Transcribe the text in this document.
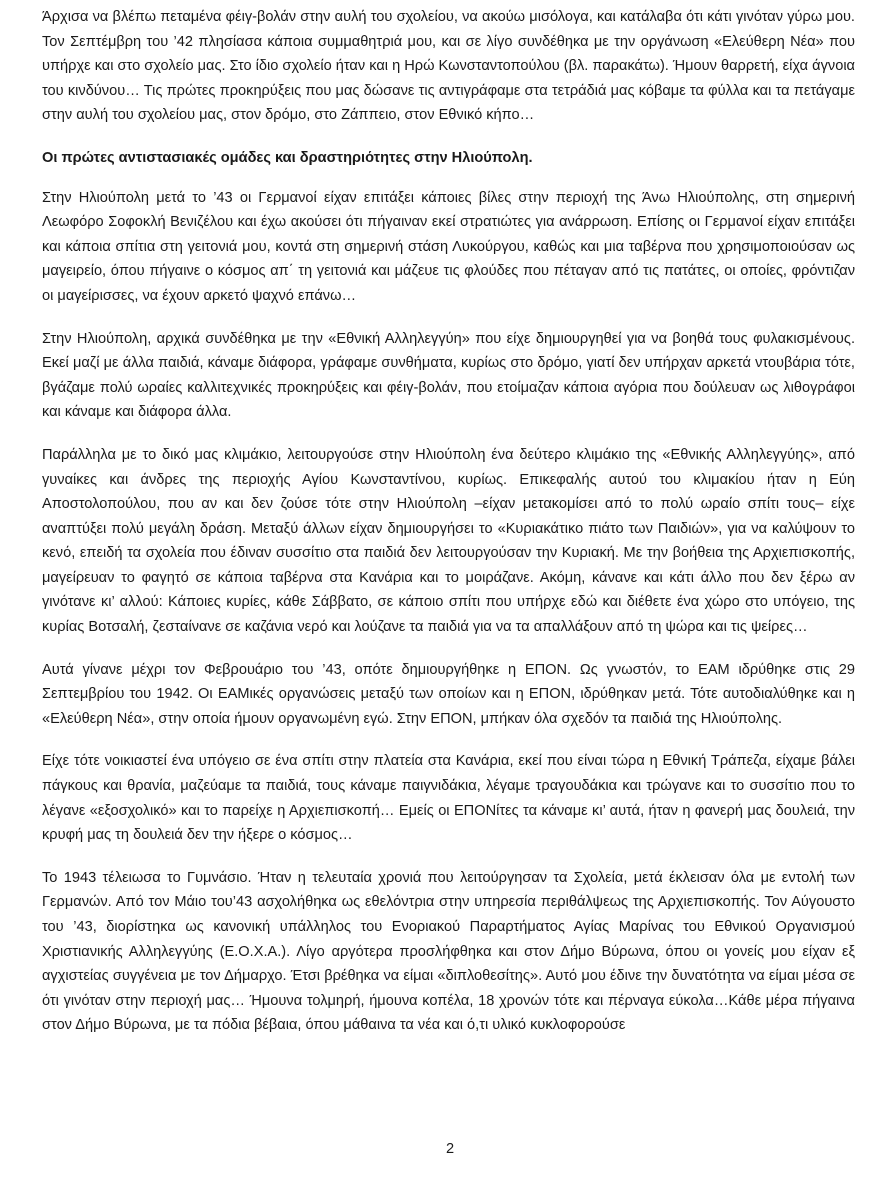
Άρχισα να βλέπω πεταμένα φέιγ-βολάν στην αυλή του σχολείου, να ακούω μισόλογα, και κατάλαβα ότι κάτι γινόταν γύρω μου. Τον Σεπτέμβρη του ’42 πλησίασα κάποια συμμαθητριά μου, και σε λίγο συνδέθηκα με την οργάνωση «Ελεύθερη Νέα» που υπήρχε και στο σχολείο μας. Στο ίδιο σχολείο ήταν και η Ηρώ Κωνσταντοπούλου (βλ. παρακάτω). Ήμουν θαρρετή, είχα άγνοια του κινδύνου… Τις πρώτες προκηρύξεις που μας δώσανε τις αντιγράφαμε στα τετράδιά μας κόβαμε τα φύλλα και τα πετάγαμε στην αυλή του σχολείου μας, στον δρόμο, στο Ζάππειο, στον Εθνικό κήπο…

Οι πρώτες αντιστασιακές ομάδες και δραστηριότητες στην Ηλιούπολη.

Στην Ηλιούπολη μετά το ’43 οι Γερμανοί είχαν επιτάξει κάποιες βίλες στην περιοχή της Άνω Ηλιούπολης, στη σημερινή Λεωφόρο Σοφοκλή Βενιζέλου και έχω ακούσει ότι πήγαιναν εκεί στρατιώτες για ανάρρωση. Επίσης οι Γερμανοί είχαν επιτάξει και κάποια σπίτια στη γειτονιά μου, κοντά στη σημερινή στάση Λυκούργου, καθώς και μια ταβέρνα που χρησιμοποιούσαν ως μαγειρείο, όπου πήγαινε ο κόσμος απ΄ τη γειτονιά και μάζευε τις φλούδες που πέταγαν από τις πατάτες, οι οποίες, φρόντιζαν οι μαγείρισσες, να έχουν αρκετό ψαχνό επάνω…

Στην Ηλιούπολη, αρχικά συνδέθηκα με την «Εθνική Αλληλεγγύη» που είχε δημιουργηθεί για να βοηθά τους φυλακισμένους. Εκεί μαζί με άλλα παιδιά, κάναμε διάφορα, γράφαμε συνθήματα, κυρίως στο δρόμο, γιατί δεν υπήρχαν αρκετά ντουβάρια τότε, βγάζαμε πολύ ωραίες καλλιτεχνικές προκηρύξεις και φέιγ-βολάν, που ετοίμαζαν κάποια αγόρια που δούλευαν ως λιθογράφοι και κάναμε και διάφορα άλλα.

Παράλληλα με το δικό μας κλιμάκιο, λειτουργούσε στην Ηλιούπολη ένα δεύτερο κλιμάκιο της «Εθνικής Αλληλεγγύης», από γυναίκες και άνδρες της περιοχής Αγίου Κωνσταντίνου, κυρίως. Επικεφαλής αυτού του κλιμακίου ήταν η Εύη Αποστολοπούλου, που αν και δεν ζούσε τότε στην Ηλιούπολη –είχαν μετακομίσει από το πολύ ωραίο σπίτι τους– είχε αναπτύξει πολύ μεγάλη δράση. Μεταξύ άλλων είχαν δημιουργήσει το «Κυριακάτικο πιάτο των Παιδιών», για να καλύψουν το κενό, επειδή τα σχολεία που έδιναν συσσίτιο στα παιδιά δεν λειτουργούσαν την Κυριακή. Με την βοήθεια της Αρχιεπισκοπής, μαγείρευαν το φαγητό σε κάποια ταβέρνα στα Κανάρια και το μοιράζανε. Ακόμη, κάνανε και κάτι άλλο που δεν ξέρω αν γινότανε κι’ αλλού: Κάποιες κυρίες, κάθε Σάββατο, σε κάποιο σπίτι που υπήρχε εδώ και διέθετε ένα χώρο στο υπόγειο, της κυρίας Βοτσαλή, ζεσταίνανε σε καζάνια νερό και λούζανε τα παιδιά για να τα απαλλάξουν από τη ψώρα και τις ψείρες…

Αυτά γίνανε μέχρι τον Φεβρουάριο του ’43, οπότε δημιουργήθηκε η ΕΠΟΝ. Ως γνωστόν, το ΕΑΜ ιδρύθηκε στις 29 Σεπτεμβρίου του 1942. Οι ΕΑΜικές οργανώσεις μεταξύ των οποίων και η ΕΠΟΝ, ιδρύθηκαν μετά. Τότε αυτοδιαλύθηκε και η «Ελεύθερη Νέα», στην οποία ήμουν οργανωμένη εγώ. Στην ΕΠΟΝ, μπήκαν όλα σχεδόν τα παιδιά της Ηλιούπολης.

Είχε τότε νοικιαστεί ένα υπόγειο σε ένα σπίτι στην πλατεία στα Κανάρια, εκεί που είναι τώρα η Εθνική Τράπεζα, είχαμε βάλει πάγκους και θρανία, μαζεύαμε τα παιδιά, τους κάναμε παιγνιδάκια, λέγαμε τραγουδάκια και τρώγανε και το συσσίτιο που το λέγανε «εξοσχολικό» και το παρείχε η Αρχιεπισκοπή… Εμείς οι ΕΠΟΝίτες τα κάναμε κι’ αυτά, ήταν η φανερή μας δουλειά, την κρυφή μας τη δουλειά δεν την ήξερε ο κόσμος…

Το 1943 τέλειωσα το Γυμνάσιο. Ήταν η τελευταία χρονιά που λειτούργησαν τα Σχολεία, μετά έκλεισαν όλα με εντολή των Γερμανών. Από τον Μάιο του’43 ασχολήθηκα ως εθελόντρια στην υπηρεσία περιθάλψεως της Αρχιεπισκοπής. Τον Αύγουστο του ’43, διορίστηκα ως κανονική υπάλληλος του Ενοριακού Παραρτήματος Αγίας Μαρίνας του Εθνικού Οργανισμού Χριστιανικής Αλληλεγγύης (Ε.Ο.Χ.Α.). Λίγο αργότερα προσλήφθηκα και στον Δήμο Βύρωνα, όπου οι γονείς μου είχαν εξ αγχιστείας συγγένεια με τον Δήμαρχο. Έτσι βρέθηκα να είμαι «διπλοθεσίτης». Αυτό μου έδινε την δυνατότητα να είμαι μέσα σε ότι γινόταν στην περιοχή μας… Ήμουνα τολμηρή, ήμουνα κοπέλα, 18 χρονών τότε και πέρναγα εύκολα…Κάθε μέρα πήγαινα στον Δήμο Βύρωνα, με τα πόδια βέβαια, όπου μάθαινα τα νέα και ό,τι υλικό κυκλοφορούσε

2
